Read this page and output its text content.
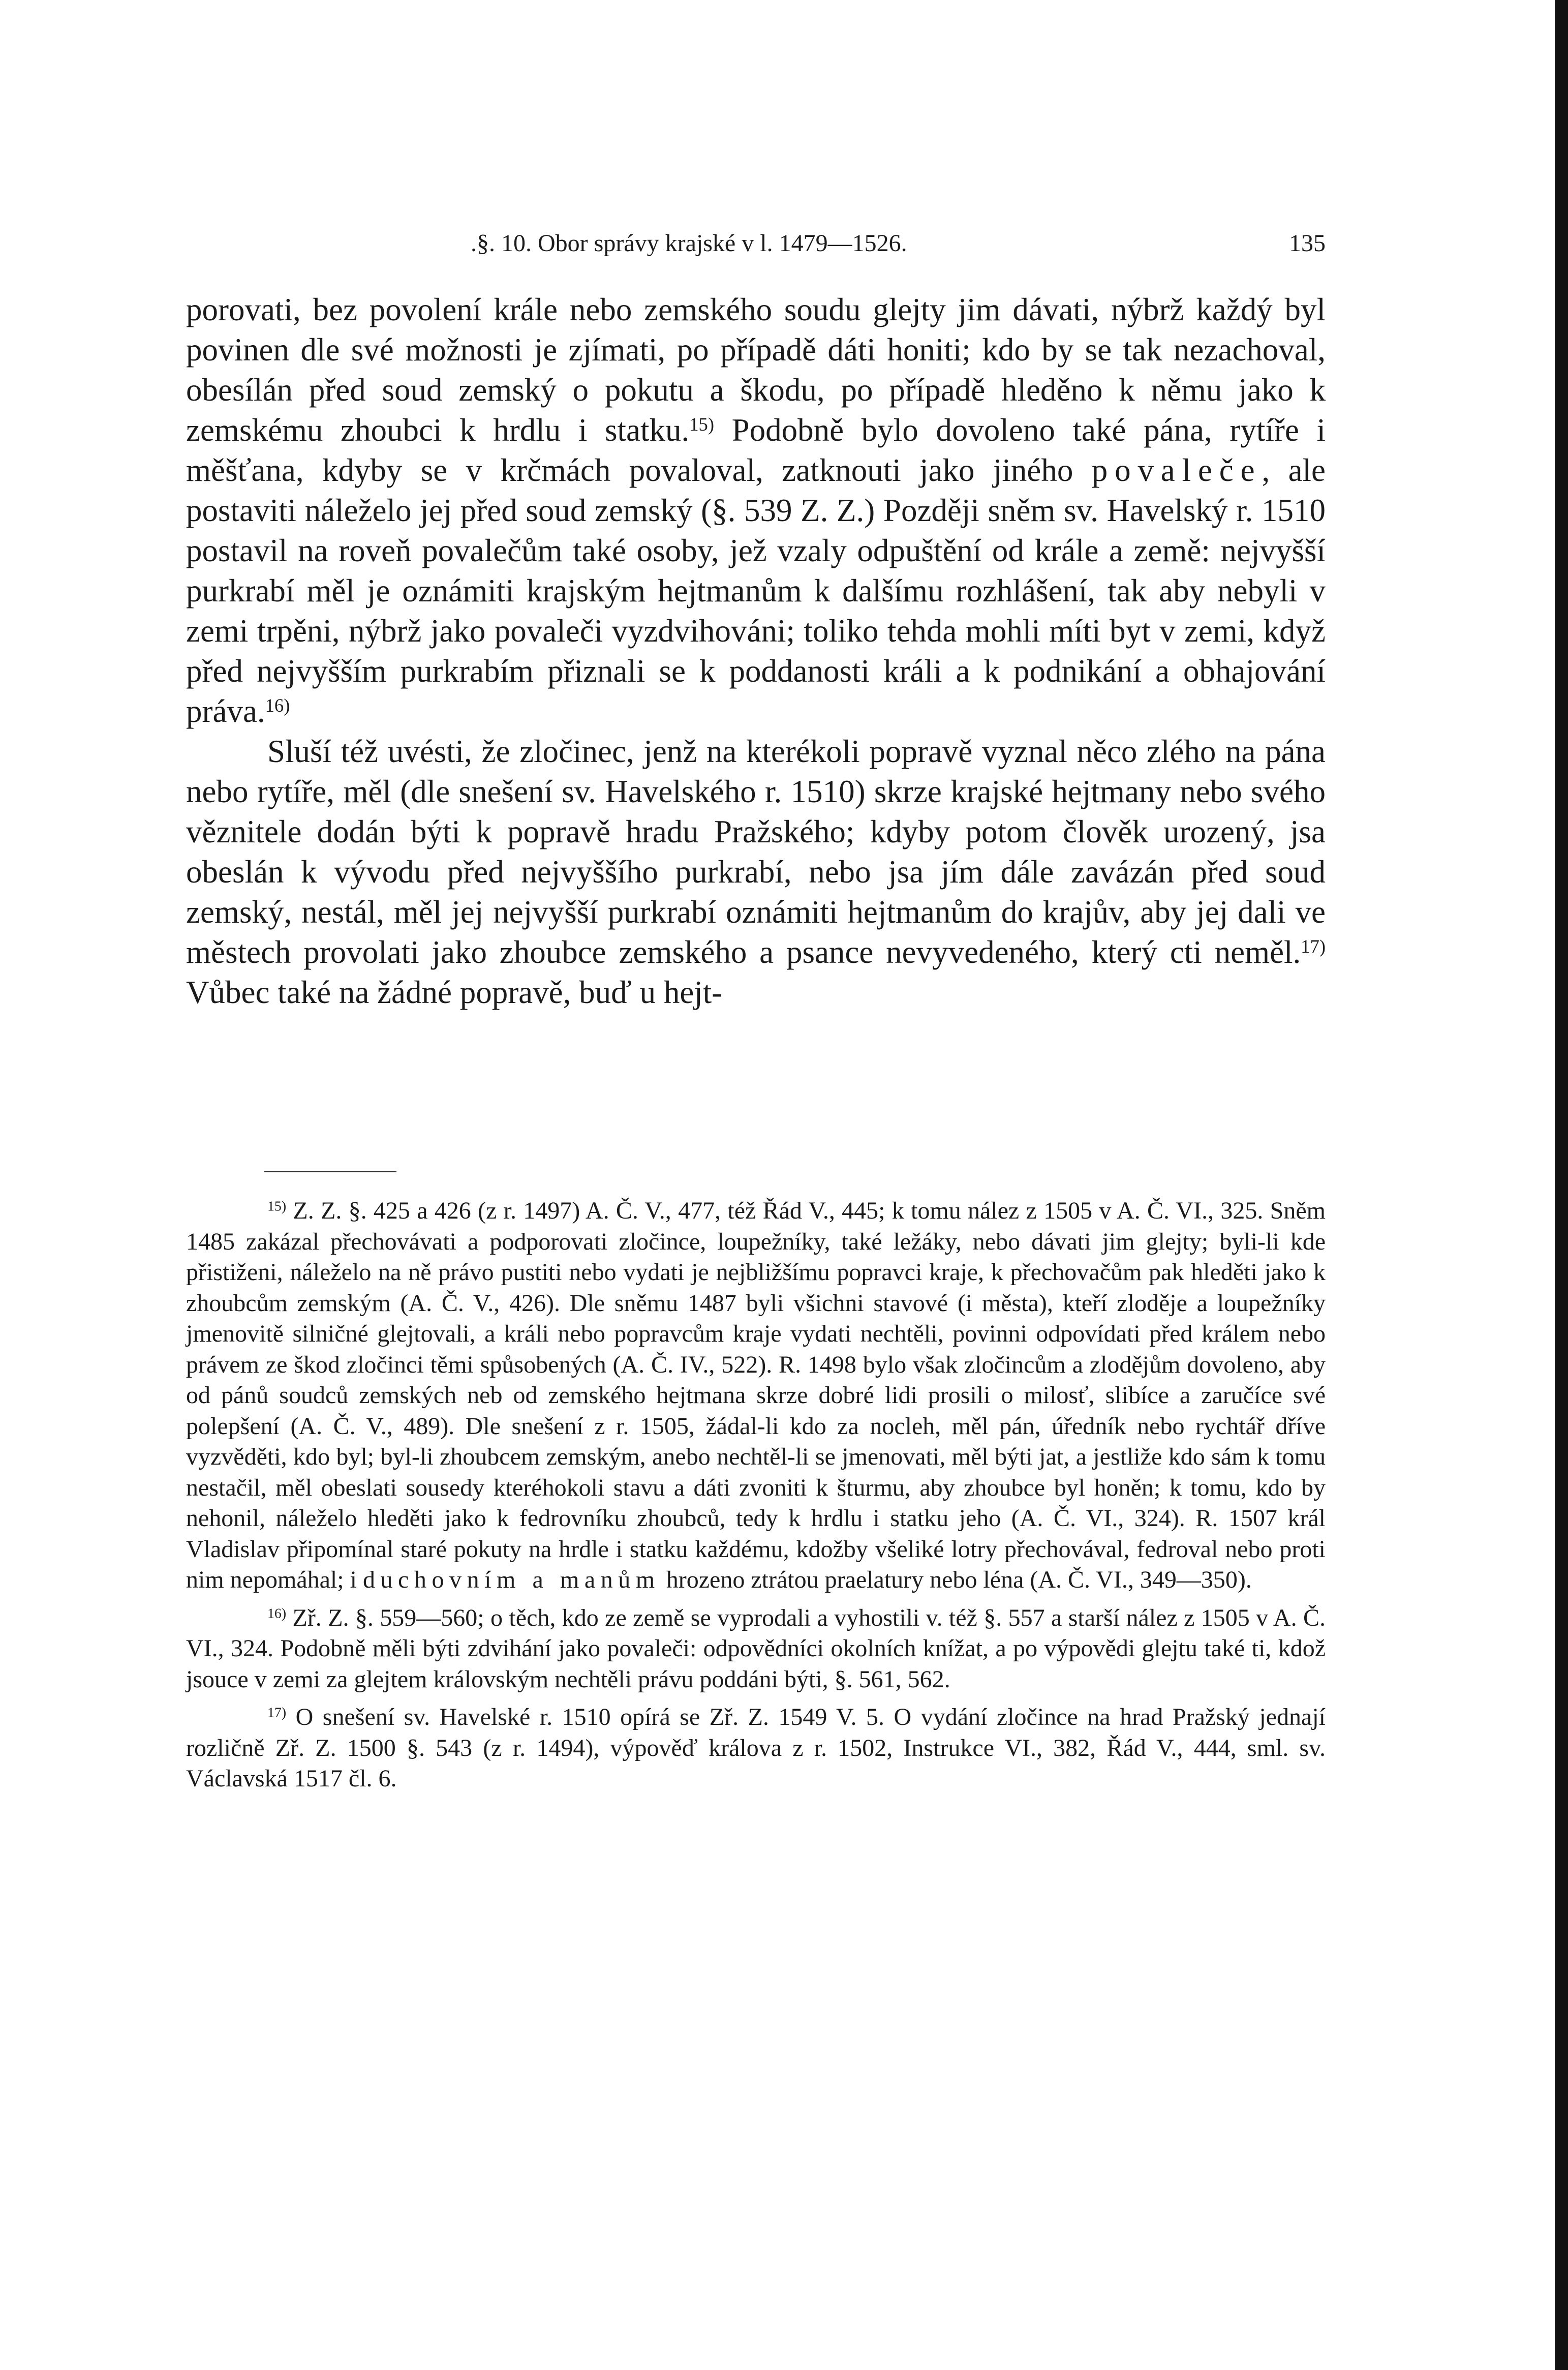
.§. 10. Obor správy krajské v l. 1479—1526.	135

porovati, bez povolení krále nebo zemského soudu glejty jim dávati, nýbrž každý byl povinen dle své možnosti je zjímati, po případě dáti honiti; kdo by se tak nezachoval, obesílán před soud zemský o pokutu a škodu, po případě hleděno k němu jako k zemskému zhoubci k hrdlu i statku.$^{15)}$ Podobně bylo dovoleno také pána, rytíře i měšťana, kdyby se v krčmách povaloval, zatknouti jako jiného povaleče, ale postaviti náleželo jej před soud zemský (§. 539 Z. Z.) Později sněm sv. Havelský r. 1510 postavil na roveň povalečům také osoby, jež vzaly odpuštění od krále a země: nejvyšší purkrabí měl je oznámiti krajským hejtmanům k dalšímu rozhlášení, tak aby nebyli v zemi trpěni, nýbrž jako povaleči vyzdvihováni; toliko tehda mohli míti byt v zemi, když před nejvyšším purkrabím přiznali se k poddanosti králi a k podnikání a obhajování práva.$^{16)}$

Sluší též uvésti, že zločinec, jenž na kterékoli popravě vyznal něco zlého na pána nebo rytíře, měl (dle snešení sv. Havelského r. 1510) skrze krajské hejtmany nebo svého věznitele dodán býti k popravě hradu Pražského; kdyby potom člověk urozený, jsa obeslán k vývodu před nejvyššího purkrabí, nebo jsa jím dále zavázán před soud zemský, nestál, měl jej nejvyšší purkrabí oznámiti hejtmanům do krajův, aby jej dali ve městech provolati jako zhoubce zemského a psance nevyvedeného, který cti neměl.$^{17)}$ Vůbec také na žádné popravě, buď u hejt-

$^{15)}$ Z. Z. §. 425 a 426 (z r. 1497) A. Č. V., 477, též Řád V., 445; k tomu nález z 1505 v A. Č. VI., 325. Sněm 1485 zakázal přechovávati a podporovati zločince, loupežníky, také ležáky, nebo dávati jim glejty; byli-li kde přistiženi, náleželo na ně právo pustiti nebo vydati je nejbližšímu popravci kraje, k přechovačům pak hleděti jako k zhoubcům zemským (A. Č. V., 426). Dle sněmu 1487 byli všichni stavové (i města), kteří zloděje a loupežníky jmenovitě silničné glejtovali, a králi nebo popravcům kraje vydati nechtěli, povinni odpovídati před králem nebo právem ze škod zločinci těmi spůsobených (A. Č. IV., 522). R. 1498 bylo však zločincům a zlodějům dovoleno, aby od pánů soudců zemských neb od zemského hejtmana skrze dobré lidi prosili o milosť, slibíce a zaručíce své polepšení (A. Č. V., 489). Dle snešení z r. 1505, žádal-li kdo za nocleh, měl pán, úředník nebo rychtář dříve vyzvěděti, kdo byl; byl-li zhoubcem zemským, anebo nechtěl-li se jmenovati, měl býti jat, a jestliže kdo sám k tomu nestačil, měl obeslati sousedy kteréhokoli stavu a dáti zvoniti k šturmu, aby zhoubce byl honěn; k tomu, kdo by nehonil, náleželo hleděti jako k fedrovníku zhoubců, tedy k hrdlu i statku jeho (A. Č. VI., 324). R. 1507 král Vladislav připomínal staré pokuty na hrdle i statku každému, kdožby všeliké lotry přechovával, fedroval nebo proti nim nepomáhal; i duchovním a manům hrozeno ztrátou praelatury nebo léna (A. Č. VI., 349—350).

$^{16)}$ Zř. Z. §. 559—560; o těch, kdo ze země se vyprodali a vyhostili v. též §. 557 a starší nález z 1505 v A. Č. VI., 324. Podobně měli býti zdvihání jako povaleči: odpovědníci okolních knížat, a po výpovědi glejtu také ti, kdož jsouce v zemi za glejtem královským nechtěli právu poddáni býti, §. 561, 562.

$^{17)}$ O snešení sv. Havelské r. 1510 opírá se Zř. Z. 1549 V. 5. O vydání zločince na hrad Pražský jednají rozličně Zř. Z. 1500 §. 543 (z r. 1494), výpověď králova z r. 1502, Instrukce VI., 382, Řád V., 444, sml. sv. Václavská 1517 čl. 6.
